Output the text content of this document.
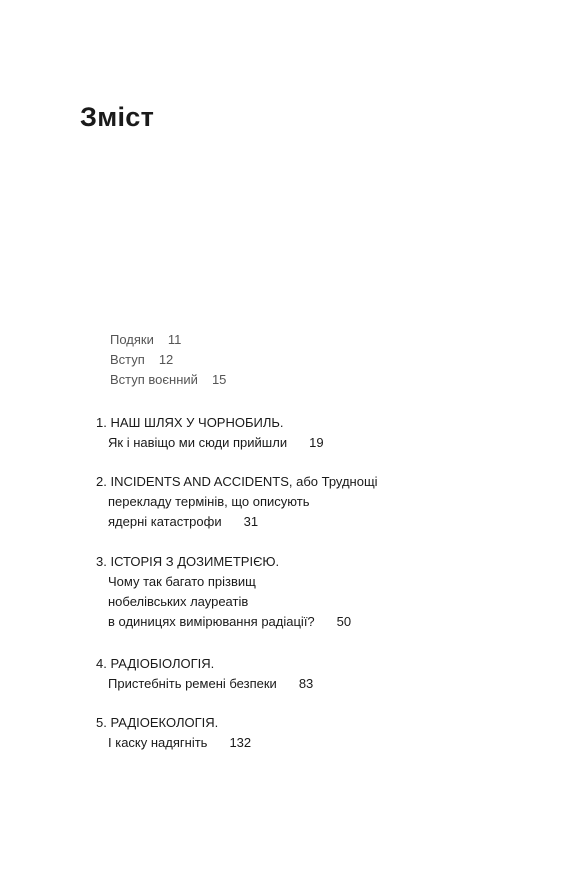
Зміст
Подяки 11
Вступ 12
Вступ воєнний 15
1. НАШ ШЛЯХ У ЧОРНОБИЛЬ.
Як і навіщо ми сюди прийшли 19
2. INCIDENTS AND ACCIDENTS, або Труднощі
перекладу термінів, що описують
ядерні катастрофи 31
3. ІСТОРІЯ З ДОЗИМЕТРІЄЮ.
Чому так багато прізвищ
нобелівських лауреатів
в одиницях вимірювання радіації? 50
4. РАДІОБІОЛОГІЯ.
Пристебніть ремені безпеки 83
5. РАДІОЕКОЛОГІЯ.
І каску надягніть 132
